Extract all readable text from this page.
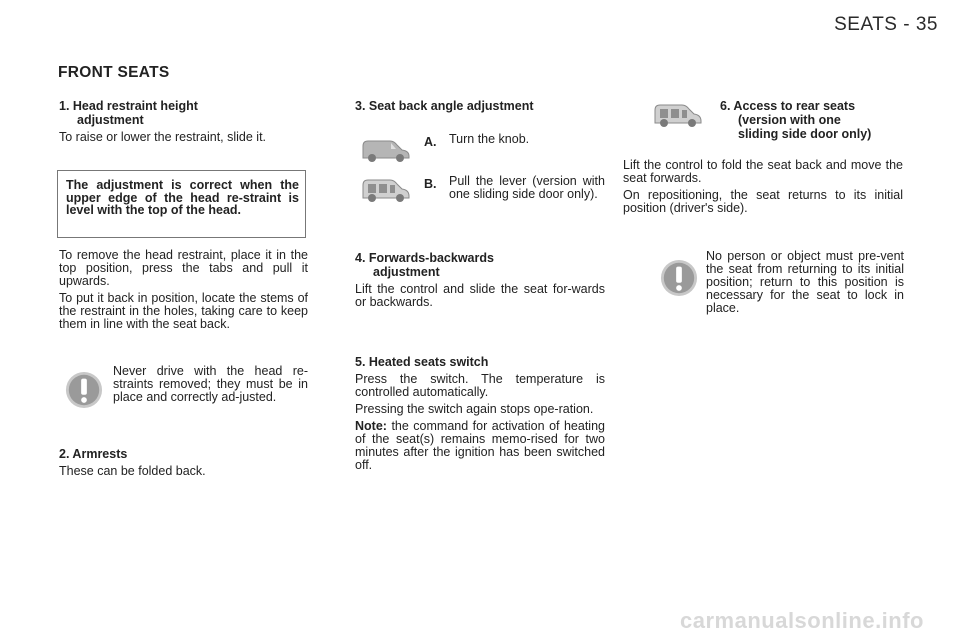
SEATS - 35
FRONT SEATS

1. Head restraint height
adjustment

To raise or lower the restraint, slide it.

The adjustment is correct when the upper edge of the head re-straint is level with the top of the head.

To remove the head restraint, place it in the top position, press the tabs and pull it upwards.

To put it back in position, locate the stems of the restraint in the holes, taking care to keep them in line with the seat back.

Never drive with the head re-straints removed; they must be in place and correctly ad-justed.

2. Armrests

These can be folded back.

3. Seat back angle adjustment

A. Turn the knob.
B. Pull the lever (version with one sliding side door only).

4. Forwards-backwards
adjustment

Lift the control and slide the seat for-wards or backwards.

5. Heated seats switch

Press the switch. The temperature is controlled automatically.

Pressing the switch again stops ope-ration.

Note: the command for activation of heating of the seat(s) remains memo-rised for two minutes after the ignition has been switched off.

6. Access to rear seats
(version with one
sliding side door only)

Lift the control to fold the seat back and move the seat forwards.

On repositioning, the seat returns to its initial position (driver's side).

No person or object must pre-vent the seat from returning to its initial position; return to this position is necessary for the seat to lock in place.

carmanualsonline.info
